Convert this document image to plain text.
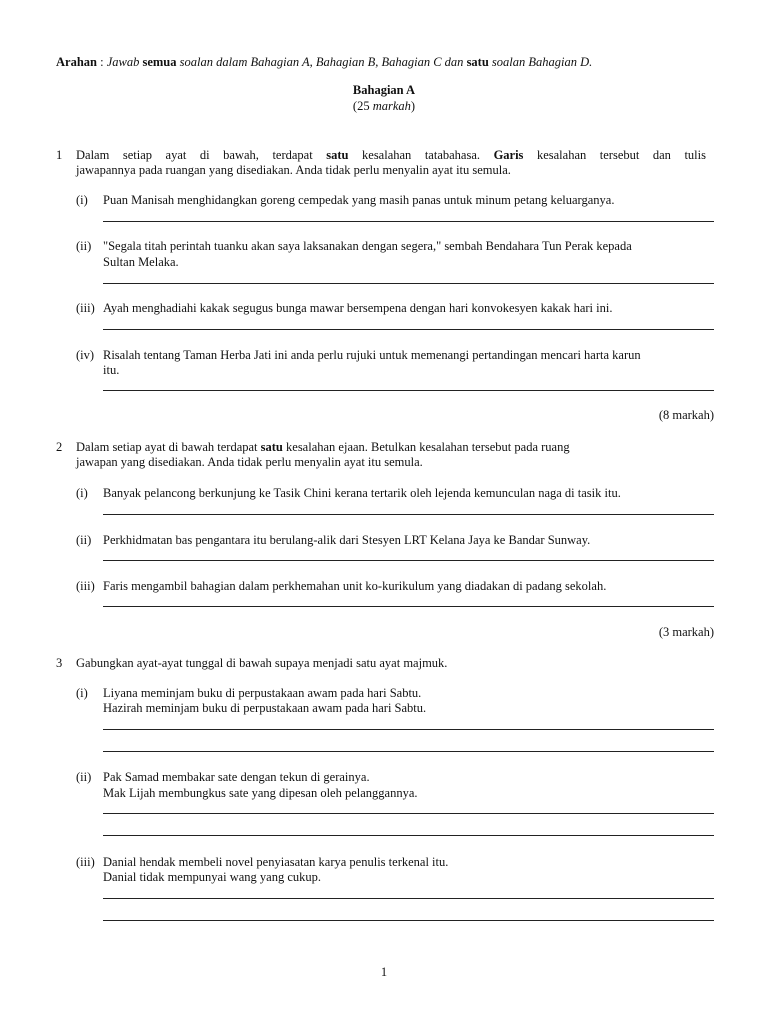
Arahan : Jawab semua soalan dalam Bahagian A, Bahagian B, Bahagian C dan satu soalan Bahagian D.
Bahagian A
(25 markah)
1 Dalam setiap ayat di bawah, terdapat satu kesalahan tatabahasa. Garis kesalahan tersebut dan tulis
jawapannya pada ruangan yang disediakan. Anda tidak perlu menyalin ayat itu semula.
(i) Puan Manisah menghidangkan goreng cempedak yang masih panas untuk minum petang keluarganya.
(ii) "Segala titah perintah tuanku akan saya laksanakan dengan segera," sembah Bendahara Tun Perak kepada
Sultan Melaka.
(iii) Ayah menghadiahi kakak segugus bunga mawar bersempena dengan hari konvokesyen kakak hari ini.
(iv) Risalah tentang Taman Herba Jati ini anda perlu rujuki untuk memenangi pertandingan mencari harta karun
itu.
(8 markah)
2 Dalam setiap ayat di bawah terdapat satu kesalahan ejaan. Betulkan kesalahan tersebut pada ruang
jawapan yang disediakan. Anda tidak perlu menyalin ayat itu semula.
(i) Banyak pelancong berkunjung ke Tasik Chini kerana tertarik oleh lejenda kemunculan naga di tasik itu.
(ii) Perkhidmatan bas pengantara itu berulang-alik dari Stesyen LRT Kelana Jaya ke Bandar Sunway.
(iii) Faris mengambil bahagian dalam perkhemahan unit ko-kurikulum yang diadakan di padang sekolah.
(3 markah)
3 Gabungkan ayat-ayat tunggal di bawah supaya menjadi satu ayat majmuk.
(i) Liyana meminjam buku di perpustakaan awam pada hari Sabtu.
Hazirah meminjam buku di perpustakaan awam pada hari Sabtu.
(ii) Pak Samad membakar sate dengan tekun di gerainya.
Mak Lijah membungkus sate yang dipesan oleh pelanggannya.
(iii) Danial hendak membeli novel penyiasatan karya penulis terkenal itu.
Danial tidak mempunyai wang yang cukup.
1
